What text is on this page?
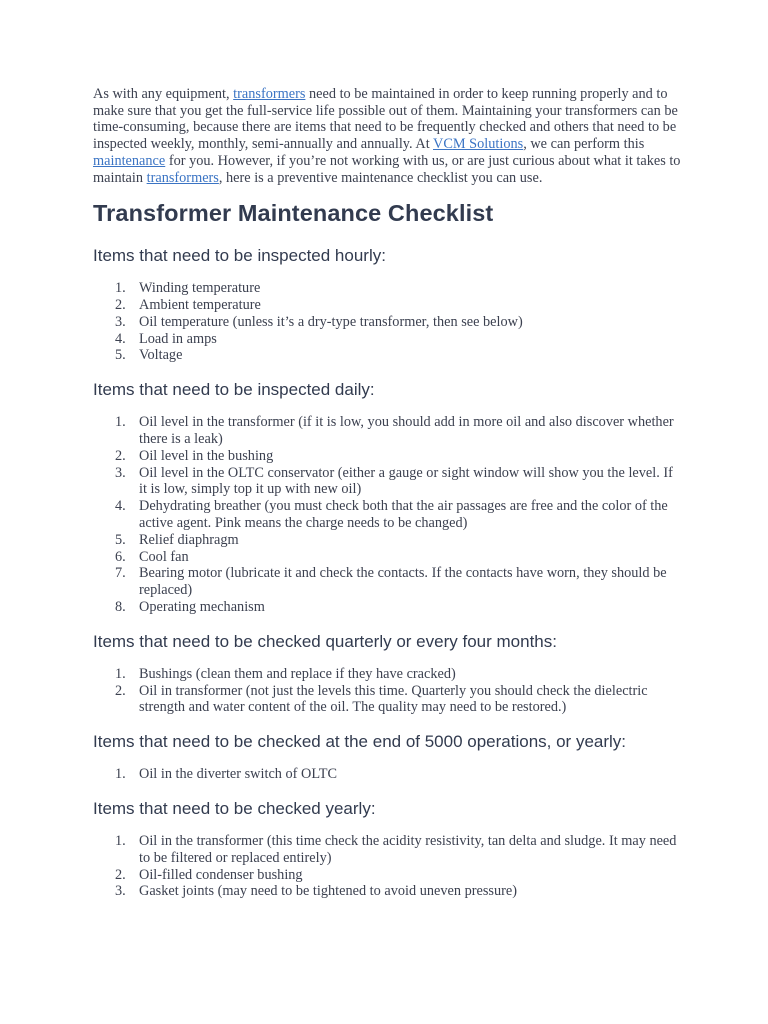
As with any equipment, transformers need to be maintained in order to keep running properly and to make sure that you get the full-service life possible out of them. Maintaining your transformers can be time-consuming, because there are items that need to be frequently checked and others that need to be inspected weekly, monthly, semi-annually and annually. At VCM Solutions, we can perform this maintenance for you. However, if you’re not working with us, or are just curious about what it takes to maintain transformers, here is a preventive maintenance checklist you can use.

Transformer Maintenance Checklist
Items that need to be inspected hourly:
1. Winding temperature
2. Ambient temperature
3. Oil temperature (unless it’s a dry-type transformer, then see below)
4. Load in amps
5. Voltage
Items that need to be inspected daily:
1. Oil level in the transformer (if it is low, you should add in more oil and also discover whether there is a leak)
2. Oil level in the bushing
3. Oil level in the OLTC conservator (either a gauge or sight window will show you the level. If it is low, simply top it up with new oil)
4. Dehydrating breather (you must check both that the air passages are free and the color of the active agent. Pink means the charge needs to be changed)
5. Relief diaphragm
6. Cool fan
7. Bearing motor (lubricate it and check the contacts. If the contacts have worn, they should be replaced)
8. Operating mechanism
Items that need to be checked quarterly or every four months:
1. Bushings (clean them and replace if they have cracked)
2. Oil in transformer (not just the levels this time. Quarterly you should check the dielectric strength and water content of the oil. The quality may need to be restored.)
Items that need to be checked at the end of 5000 operations, or yearly:
1. Oil in the diverter switch of OLTC
Items that need to be checked yearly:
1. Oil in the transformer (this time check the acidity resistivity, tan delta and sludge. It may need to be filtered or replaced entirely)
2. Oil-filled condenser bushing
3. Gasket joints (may need to be tightened to avoid uneven pressure)
